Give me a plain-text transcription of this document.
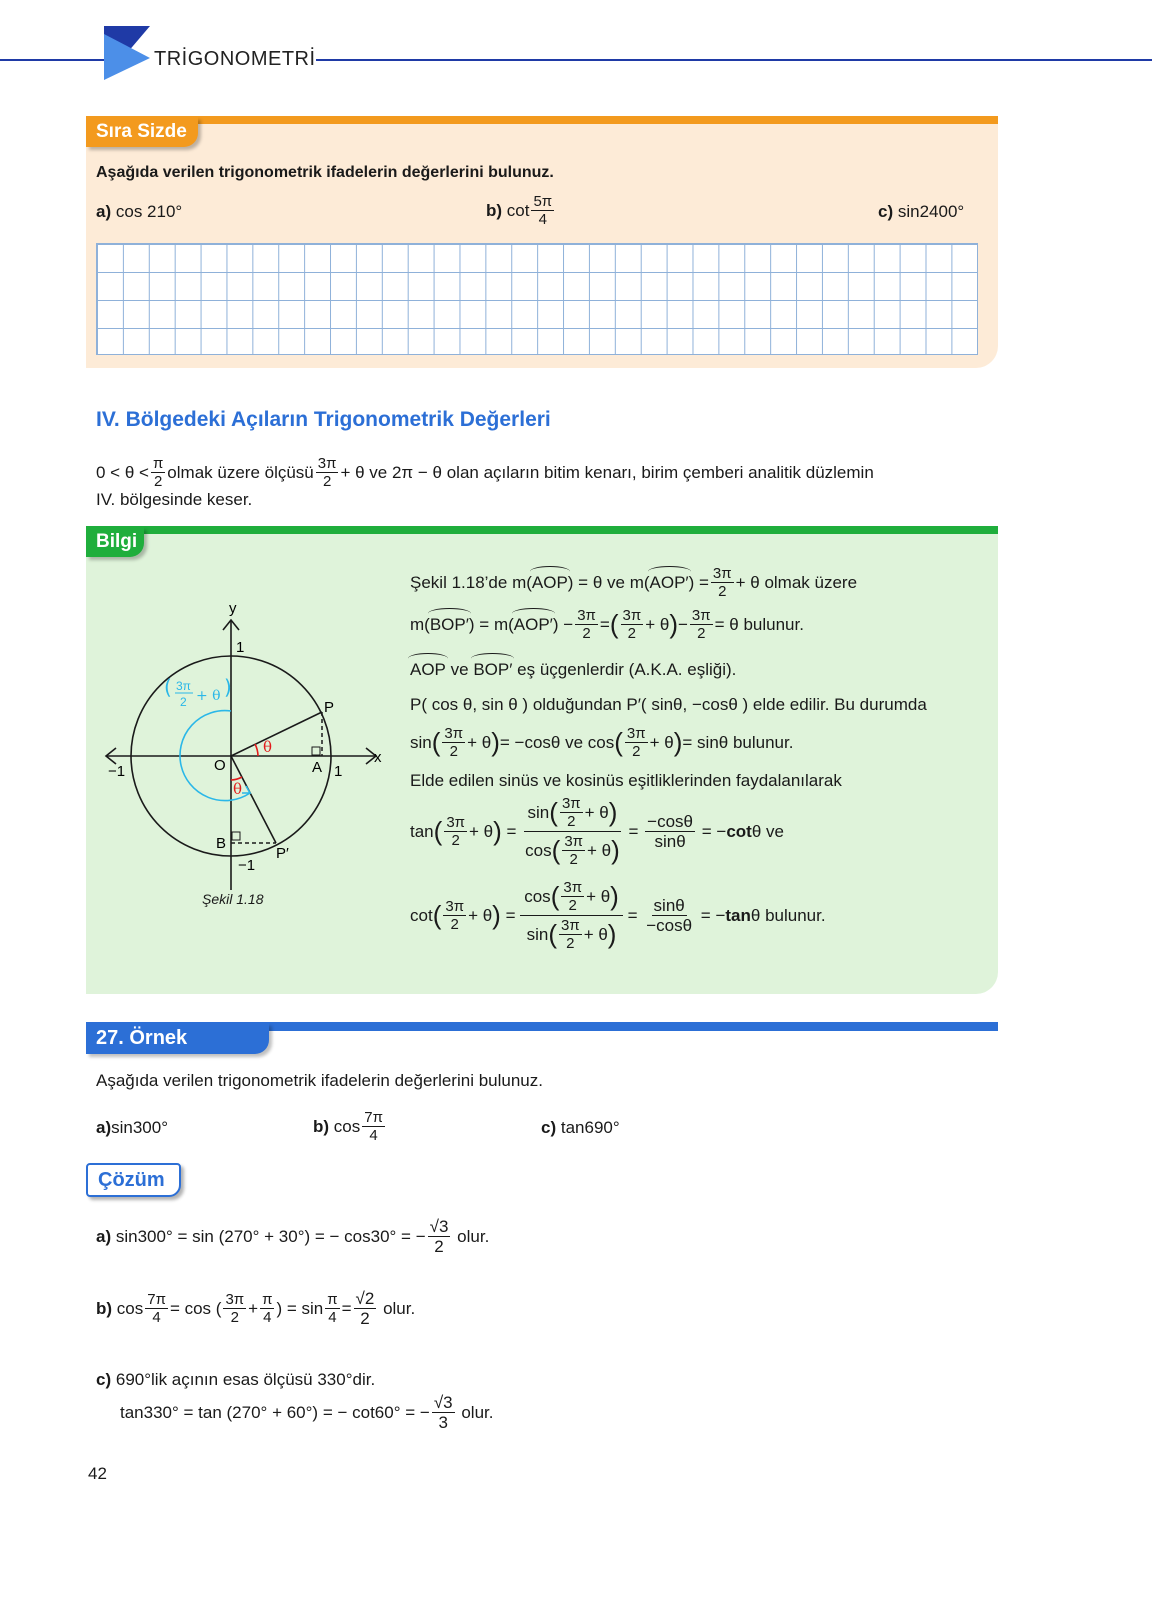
TRİGONOMETRİ
Sıra Sizde
Aşağıda verilen trigonometrik ifadelerin değerlerini bulunuz.
a)
cos 210°	b)
$\cot \frac{5\pi}{4}$	c)
sin2400°
IV. Bölgedeki Açıların Trigonometrik Değerleri
$0 < \theta < \frac{\pi}{2}$ olmak üzere ölçüsü $\frac{3\pi}{2} + \theta$ ve 2π − θ olan açıların bitim kenarı, birim çemberi analitik düzlemin
IV. bölgesinde keser.
Bilgi
y
x
1
1
−1
−1
O	A
B
P
P′
θ
θ
( 3π
2 + θ )
Şekil 1.18
Şekil 1.18’de m( AOP ) = θ ve m( AOP′ ) = $\frac{3\pi}{2} + \theta$ olmak üzere
m( BOP′ ) = m( AOP′ ) − $\frac{3\pi}{2}$ = ( $\frac{3\pi}{2} + \theta$ ) − $\frac{3\pi}{2} = \theta$ bulunur.
AOP
ve
BOP′
eş üçgenlerdir (A.K.A. eşliği).
P( cos θ, sin θ ) olduğundan P′( sinθ, −cosθ ) elde edilir. Bu durumda
sin ( $\frac{3\pi}{2} + \theta$ ) = −cosθ ve cos ( $\frac{3\pi}{2} + \theta$ ) = sinθ bulunur.
Elde edilen sinüs ve kosinüs eşitliklerinden faydalanılarak
tan ( $\frac{3\pi}{2} + \theta$ ) =
sin ( $\frac{3\pi}{2} + \theta$ )
cos ( $\frac{3\pi}{2} + \theta$ )
= $\frac{-\cos\theta}{\sin\theta}$
= − cot θ ve
cot ( $\frac{3\pi}{2} + \theta$ ) =
cos ( $\frac{3\pi}{2} + \theta$ )
sin ( $\frac{3\pi}{2} + \theta$ )
= $\frac{\sin\theta}{-\cos\theta}$
= − tan θ bulunur.
27. Örnek
Aşağıda verilen trigonometrik ifadelerin değerlerini bulunuz.
a) sin300°	b)
$\cos \frac{7\pi}{4}$	c)
tan690°
Çözüm
a)
sin300° = sin (270° + 30°) = − cos30° = − $\frac{√3}{2}$
olur.
b)
$\cos \frac{7\pi}{4} = \cos$ ( $\frac{3\pi}{2} + \frac{\pi}{4}$ ) = $\sin \frac{\pi}{4} = \frac{√2}{2}$
olur.
c)
690°lik açının esas ölçüsü 330°dir.
tan330° = tan (270° + 60°) = − cot60° = − $\frac{√3}{3}$
olur.
42
